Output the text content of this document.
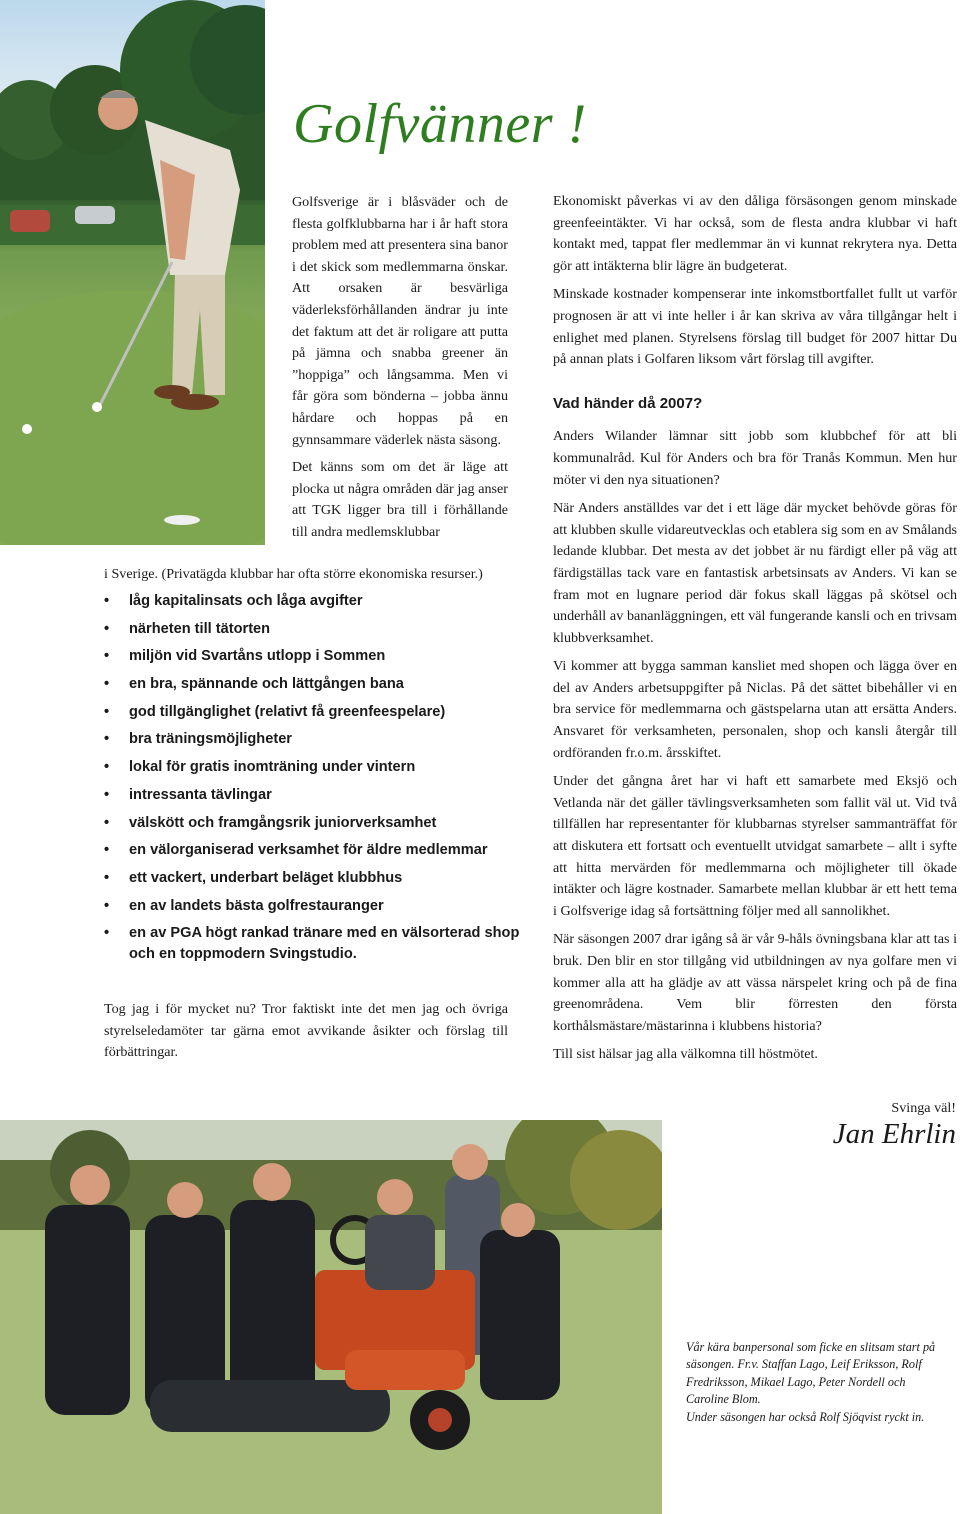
Golfvänner !

Golfsverige är i blåsväder och de flesta golfklubbarna har i år haft stora problem med att presentera sina banor i det skick som medlemmarna önskar. Att orsaken är besvärliga väderleksförhållanden ändrar ju inte det faktum att det är roligare att putta på jämna och snabba greener än ”hoppiga” och långsamma. Men vi får göra som bönderna – jobba ännu hårdare och hoppas på en gynnsammare väderlek nästa säsong.

Det känns som om det är läge att plocka ut några områden där jag anser att TGK ligger bra till i förhållande till andra medlemsklubbar

i Sverige. (Privatägda klubbar har ofta större ekonomiska resurser.)

• låg kapitalinsats och låga avgifter
• närheten till tätorten
• miljön vid Svartåns utlopp i Sommen
• en bra, spännande och lättgången bana
• god tillgänglighet (relativt få greenfeespelare)
• bra träningsmöjligheter
• lokal för gratis inomträning under vintern
• intressanta tävlingar
• välskött och framgångsrik juniorverksamhet
• en välorganiserad verksamhet för äldre medlemmar
• ett vackert, underbart beläget klubbhus
• en av landets bästa golfrestauranger
• en av PGA högt rankad tränare med en välsorterad shop och en toppmodern Svingstudio.

Tog jag i för mycket nu? Tror faktiskt inte det men jag och övriga styrelseledamöter tar gärna emot avvikande åsikter och förslag till förbättringar.

Ekonomiskt påverkas vi av den dåliga försäsongen genom minskade greenfeeintäkter. Vi har också, som de flesta andra klubbar vi haft kontakt med, tappat fler medlemmar än vi kunnat rekrytera nya. Detta gör att intäkterna blir lägre än budgeterat.

Minskade kostnader kompenserar inte inkomstbortfallet fullt ut varför prognosen är att vi inte heller i år kan skriva av våra tillgångar helt i enlighet med planen. Styrelsens förslag till budget för 2007 hittar Du på annan plats i Golfaren liksom vårt förslag till avgifter.

Vad händer då 2007?

Anders Wilander lämnar sitt jobb som klubbchef för att bli kommunalråd. Kul för Anders och bra för Tranås Kommun. Men hur möter vi den nya situationen?

När Anders anställdes var det i ett läge där mycket behövde göras för att klubben skulle vidareutvecklas och etablera sig som en av Smålands ledande klubbar. Det mesta av det jobbet är nu färdigt eller på väg att färdigställas tack vare en fantastisk arbetsinsats av Anders. Vi kan se fram mot en lugnare period där fokus skall läggas på skötsel och underhåll av bananläggningen, ett väl fungerande kansli och en trivsam klubbverksamhet.

Vi kommer att bygga samman kansliet med shopen och lägga över en del av Anders arbetsuppgifter på Niclas. På det sättet bibehåller vi en bra service för medlemmarna och gästspelarna utan att ersätta Anders. Ansvaret för verksamheten, personalen, shop och kansli återgår till ordföranden fr.o.m. årsskiftet.

Under det gångna året har vi haft ett samarbete med Eksjö och Vetlanda när det gäller tävlingsverksamheten som fallit väl ut. Vid två tillfällen har representanter för klubbarnas styrelser sammanträffat för att diskutera ett fortsatt och eventuellt utvidgat samarbete – allt i syfte att hitta mervärden för medlemmarna och möjligheter till ökade intäkter och lägre kostnader. Samarbete mellan klubbar är ett hett tema i Golfsverige idag så fortsättning följer med all sannolikhet.

När säsongen 2007 drar igång så är vår 9-håls övningsbana klar att tas i bruk. Den blir en stor tillgång vid utbildningen av nya golfare men vi kommer alla att ha glädje av att vässa närspelet kring och på de fina greenområdena. Vem blir förresten den första korthålsmästare/mästarinna i klubbens historia?

Till sist hälsar jag alla välkomna till höstmötet.

Svinga väl!

Jan Ehrlin

Vår kära banpersonal som ficke en slitsam start på säsongen. Fr.v. Staffan Lago, Leif Eriksson, Rolf Fredriksson, Mikael Lago, Peter Nordell och Caroline Blom.
Under säsongen har också Rolf Sjöqvist ryckt in.
